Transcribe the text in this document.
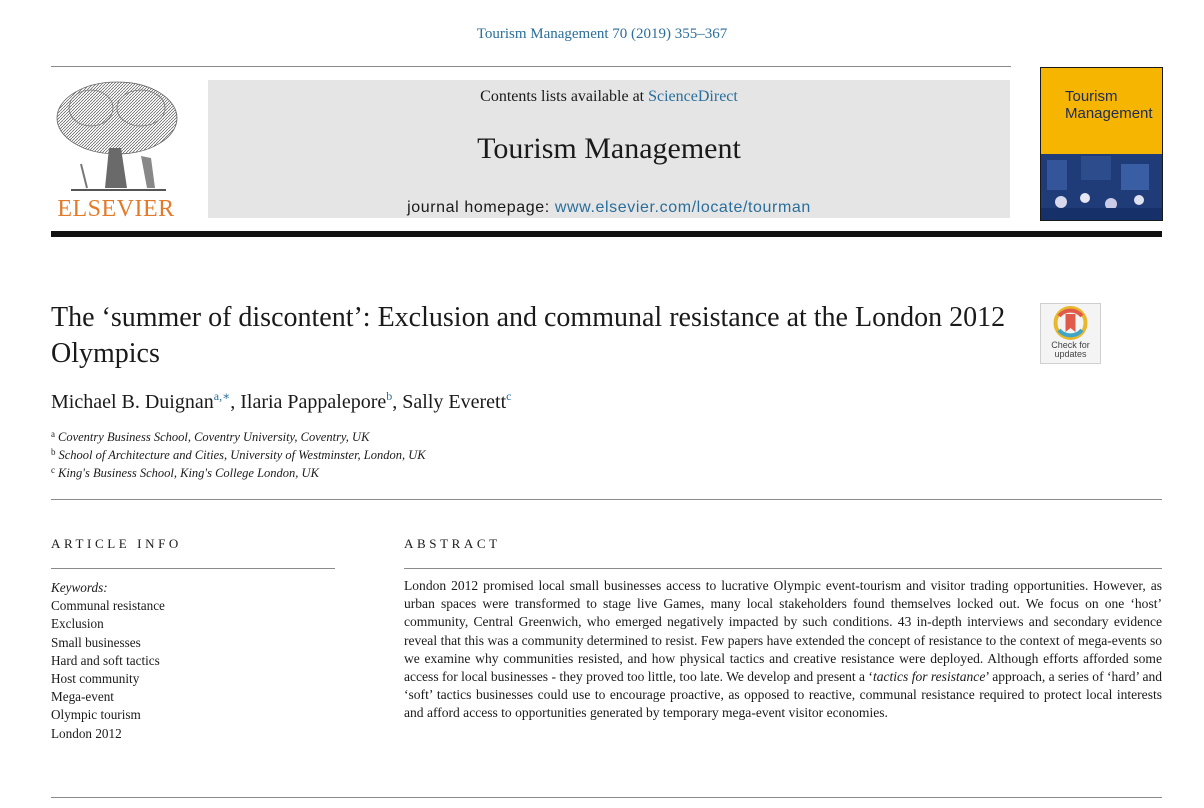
Tourism Management 70 (2019) 355–367
ELSEVIER
Contents lists available at ScienceDirect
Tourism Management
journal homepage: www.elsevier.com/locate/tourman
Tourism
Management
The ‘summer of discontent’: Exclusion and communal resistance at the London 2012 Olympics	Check for
updates
Michael B. Duignan$^{a,∗}$, Ilaria Pappalepore$^b$, Sally Everett$^c$
$^a$ Coventry Business School, Coventry University, Coventry, UK
$^b$ School of Architecture and Cities, University of Westminster, London, UK
$^c$ King's Business School, King's College London, UK
ARTICLE INFO	ABSTRACT
Keywords:
Communal resistance
Exclusion
Small businesses
Hard and soft tactics
Host community
Mega-event
Olympic tourism
London 2012
London 2012 promised local small businesses access to lucrative Olympic event-tourism and visitor trading opportunities. However, as urban spaces were transformed to stage live Games, many local stakeholders found themselves locked out. We focus on one ‘host’ community, Central Greenwich, who emerged negatively impacted by such conditions. 43 in-depth interviews and secondary evidence reveal that this was a community determined to resist. Few papers have extended the concept of resistance to the context of mega-events so we examine why communities resisted, and how physical tactics and creative resistance were deployed. Although efforts afforded some access for local businesses - they proved too little, too late. We develop and present a ‘tactics for resistance’ approach, a series of ‘hard’ and ‘soft’ tactics businesses could use to encourage proactive, as opposed to reactive, communal resistance required to protect local interests and afford access to opportunities generated by temporary mega-event visitor economies.
